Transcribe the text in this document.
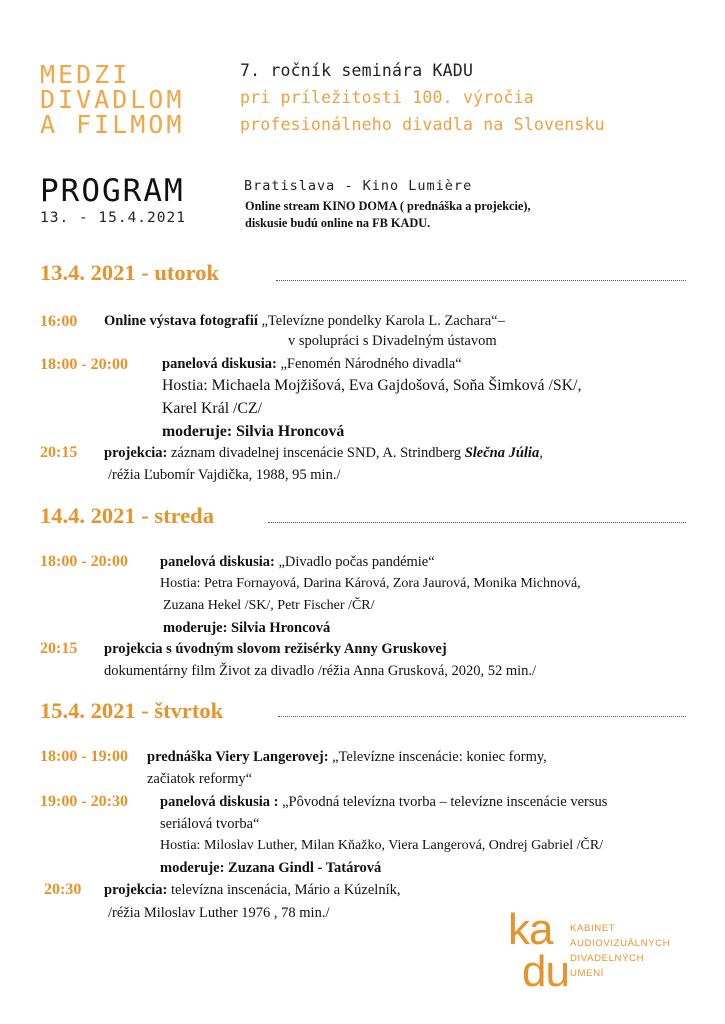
MEDZI
DIVADLOM
A FILMOM
7. ročník seminára KADU
pri príležitosti 100. výročia
profesionálneho divadla na Slovensku
PROGRAM
13. - 15.4.2021
Bratislava - Kino Lumière
Online stream KINO DOMA ( prednáška a projekcie),
diskusie budú online na FB KADU.
13.4. 2021 - utorok
16:00 Online výstava fotografií „Televízne pondelky Karola L. Zachara“–
v spolupráci s Divadelným ústavom
18:00 - 20:00 panelová diskusia: „Fenomén Národného divadla“
Hostia: Michaela Mojžišová, Eva Gajdošová, Soňa Šimková /SK/,
Karel Král /CZ/
moderuje: Silvia Hroncová
20:15 projekcia: záznam divadelnej inscenácie SND, A. Strindberg Slečna Júlia,
/réžia Ľubomír Vajdička, 1988, 95 min./
14.4. 2021 - streda
18:00 - 20:00 panelová diskusia: „Divadlo počas pandémie“
Hostia: Petra Fornayová, Darina Kárová, Zora Jaurová, Monika Michnová,
Zuzana Hekel /SK/, Petr Fischer /ČR/
moderuje: Silvia Hroncová
20:15 projekcia s úvodným slovom režisérky Anny Gruskovej
dokumentárny film Život za divadlo /réžia Anna Grusková, 2020, 52 min./
15.4. 2021 - štvrtok
18:00 - 19:00 prednáška Viery Langerovej: „Televízne inscenácie: koniec formy,
začiatok reformy“
19:00 - 20:30 panelová diskusia : „Pôvodná televízna tvorba – televízne inscenácie versus
seriálová tvorba“
Hostia: Miloslav Luther, Milan Kňažko, Viera Langerová, Ondrej Gabriel /ČR/
moderuje: Zuzana Gindl - Tatárová
20:30 projekcia: televízna inscenácia, Mário a Kúzelník,
/réžia Miloslav Luther 1976 , 78 min./	ka
du
KABINET
AUDIOVIZUÁLNYCH
DIVADELNÝCH
UMENÍ
